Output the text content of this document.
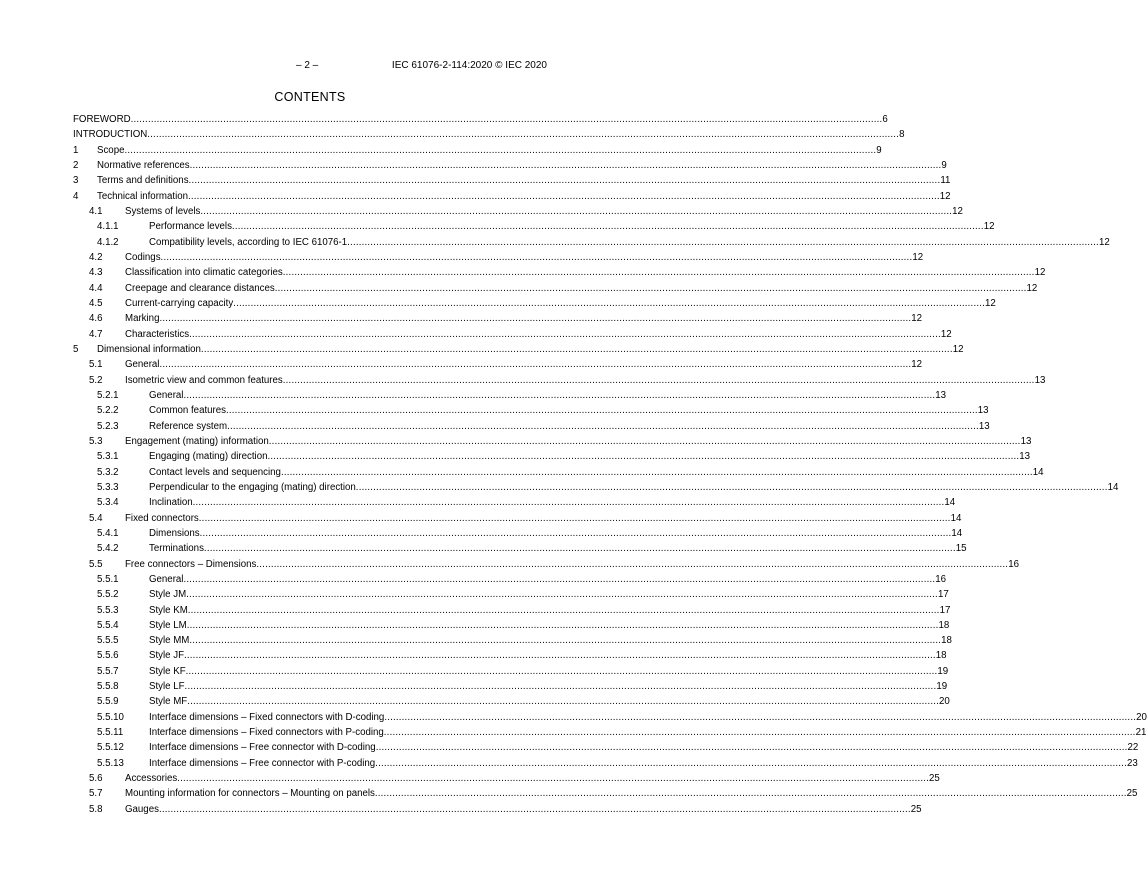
– 2 –	IEC 61076-2-114:2020 © IEC 2020
CONTENTS
FOREWORD .................................................................................................................................................................................................................................................................... 6
INTRODUCTION .................................................................................................................................................................................................................................................................... 8
1 Scope .................................................................................................................................................................................................................................................................... 9
2 Normative references .................................................................................................................................................................................................................................................................... 9
3 Terms and definitions .................................................................................................................................................................................................................................................................... 11
4 Technical information .................................................................................................................................................................................................................................................................... 12
4.1 Systems of levels .................................................................................................................................................................................................................................................................... 12
4.1.1	Performance levels .................................................................................................................................................................................................................................................................... 12
4.1.2	Compatibility levels, according to IEC 61076-1 .................................................................................................................................................................................................................................................................... 12
4.2 Codings .................................................................................................................................................................................................................................................................... 12
4.3 Classification into climatic categories .................................................................................................................................................................................................................................................................... 12
4.4 Creepage and clearance distances .................................................................................................................................................................................................................................................................... 12
4.5 Current-carrying capacity .................................................................................................................................................................................................................................................................... 12
4.6 Marking .................................................................................................................................................................................................................................................................... 12
4.7 Characteristics .................................................................................................................................................................................................................................................................... 12
5 Dimensional information .................................................................................................................................................................................................................................................................... 12
5.1 General .................................................................................................................................................................................................................................................................... 12
5.2 Isometric view and common features .................................................................................................................................................................................................................................................................... 13
5.2.1	General .................................................................................................................................................................................................................................................................... 13
5.2.2	Common features .................................................................................................................................................................................................................................................................... 13
5.2.3	Reference system .................................................................................................................................................................................................................................................................... 13
5.3 Engagement (mating) information .................................................................................................................................................................................................................................................................... 13
5.3.1	Engaging (mating) direction .................................................................................................................................................................................................................................................................... 13
5.3.2	Contact levels and sequencing .................................................................................................................................................................................................................................................................... 14
5.3.3	Perpendicular to the engaging (mating) direction .................................................................................................................................................................................................................................................................... 14
5.3.4	Inclination .................................................................................................................................................................................................................................................................... 14
5.4 Fixed connectors .................................................................................................................................................................................................................................................................... 14
5.4.1	Dimensions .................................................................................................................................................................................................................................................................... 14
5.4.2	Terminations .................................................................................................................................................................................................................................................................... 15
5.5 Free connectors – Dimensions .................................................................................................................................................................................................................................................................... 16
5.5.1	General .................................................................................................................................................................................................................................................................... 16
5.5.2	Style JM .................................................................................................................................................................................................................................................................... 17
5.5.3	Style KM .................................................................................................................................................................................................................................................................... 17
5.5.4	Style LM .................................................................................................................................................................................................................................................................... 18
5.5.5	Style MM .................................................................................................................................................................................................................................................................... 18
5.5.6	Style JF .................................................................................................................................................................................................................................................................... 18
5.5.7	Style KF .................................................................................................................................................................................................................................................................... 19
5.5.8	Style LF .................................................................................................................................................................................................................................................................... 19
5.5.9	Style MF .................................................................................................................................................................................................................................................................... 20
5.5.10	Interface dimensions – Fixed connectors with D-coding .................................................................................................................................................................................................................................................................... 20
5.5.11	Interface dimensions – Fixed connectors with P-coding .................................................................................................................................................................................................................................................................... 21
5.5.12	Interface dimensions – Free connector with D-coding .................................................................................................................................................................................................................................................................... 22
5.5.13	Interface dimensions – Free connector with P-coding .................................................................................................................................................................................................................................................................... 23
5.6 Accessories .................................................................................................................................................................................................................................................................... 25
5.7 Mounting information for connectors – Mounting on panels .................................................................................................................................................................................................................................................................... 25
5.8 Gauges .................................................................................................................................................................................................................................................................... 25
